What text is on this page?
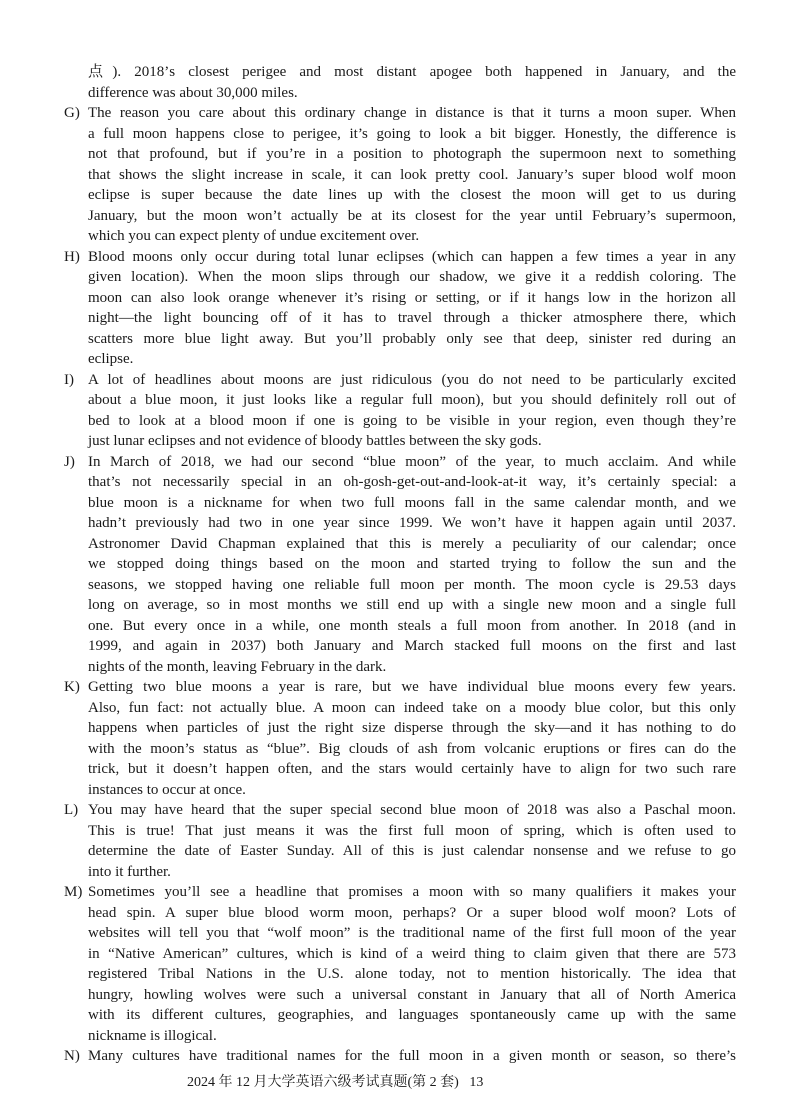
点). 2018’s closest perigee and most distant apogee both happened in January, and the
difference was about 30,000 miles.
G) The reason you care about this ordinary change in distance is that it turns a moon super. When
a full moon happens close to perigee, it’s going to look a bit bigger. Honestly, the difference is
not that profound, but if you’re in a position to photograph the supermoon next to something
that shows the slight increase in scale, it can look pretty cool. January’s super blood wolf moon
eclipse is super because the date lines up with the closest the moon will get to us during
January, but the moon won’t actually be at its closest for the year until February’s supermoon,
which you can expect plenty of undue excitement over.
H) Blood moons only occur during total lunar eclipses (which can happen a few times a year in any
given location). When the moon slips through our shadow, we give it a reddish coloring. The
moon can also look orange whenever it’s rising or setting, or if it hangs low in the horizon all
night—the light bouncing off of it has to travel through a thicker atmosphere there, which
scatters more blue light away. But you’ll probably only see that deep, sinister red during an
eclipse.
I) A lot of headlines about moons are just ridiculous (you do not need to be particularly excited
about a blue moon, it just looks like a regular full moon), but you should definitely roll out of
bed to look at a blood moon if one is going to be visible in your region, even though they’re
just lunar eclipses and not evidence of bloody battles between the sky gods.
J) In March of 2018, we had our second “blue moon” of the year, to much acclaim. And while
that’s not necessarily special in an oh-gosh-get-out-and-look-at-it way, it’s certainly special: a
blue moon is a nickname for when two full moons fall in the same calendar month, and we
hadn’t previously had two in one year since 1999. We won’t have it happen again until 2037.
Astronomer David Chapman explained that this is merely a peculiarity of our calendar; once
we stopped doing things based on the moon and started trying to follow the sun and the
seasons, we stopped having one reliable full moon per month. The moon cycle is 29.53 days
long on average, so in most months we still end up with a single new moon and a single full
one. But every once in a while, one month steals a full moon from another. In 2018 (and in
1999, and again in 2037) both January and March stacked full moons on the first and last
nights of the month, leaving February in the dark.
K) Getting two blue moons a year is rare, but we have individual blue moons every few years.
Also, fun fact: not actually blue. A moon can indeed take on a moody blue color, but this only
happens when particles of just the right size disperse through the sky—and it has nothing to do
with the moon’s status as “blue”. Big clouds of ash from volcanic eruptions or fires can do the
trick, but it doesn’t happen often, and the stars would certainly have to align for two such rare
instances to occur at once.
L) You may have heard that the super special second blue moon of 2018 was also a Paschal moon.
This is true! That just means it was the first full moon of spring, which is often used to
determine the date of Easter Sunday. All of this is just calendar nonsense and we refuse to go
into it further.
M) Sometimes you’ll see a headline that promises a moon with so many qualifiers it makes your
head spin. A super blue blood worm moon, perhaps? Or a super blood wolf moon? Lots of
websites will tell you that “wolf moon” is the traditional name of the first full moon of the year
in “Native American” cultures, which is kind of a weird thing to claim given that there are 573
registered Tribal Nations in the U.S. alone today, not to mention historically. The idea that
hungry, howling wolves were such a universal constant in January that all of North America
with its different cultures, geographies, and languages spontaneously came up with the same
nickname is illogical.
N) Many cultures have traditional names for the full moon in a given month or season, so there’s
2024 年 12 月大学英语六级考试真题(第 2 套)   13
